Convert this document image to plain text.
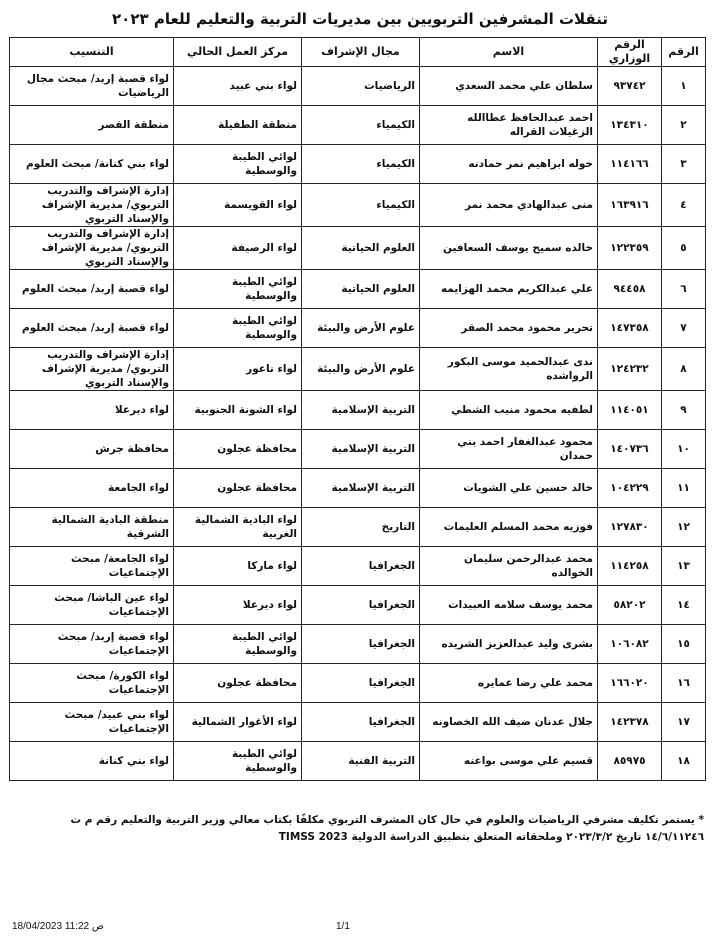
تنقلات المشرفين التربويين بين مديريات التربية والتعليم للعام ٢٠٢٣
الرقم	الرقم الوزاري	الاسم	مجال الإشراف	مركز العمل الحالي	التنسيب
١	٩٣٧٤٢	سلطان علي محمد السعدي	الرياضيات	لواء بني عبيد	لواء قصبة إربد/ مبحث مجال الرياضيات
٢	١٣٤٣١٠	احمد عبدالحافظ عطاالله الزغيلات القراله	الكيمياء	منطقة الطفيلة	منطقة القصر
٣	١١٤١٦٦	خوله ابراهيم نمر حمادنه	الكيمياء	لوائي الطيبة والوسطية	لواء بني كنانة/ مبحث العلوم
٤	١٦٣٩١٦	منى عبدالهادي محمد نمر	الكيمياء	لواء القويسمة	إدارة الإشراف والتدريب التربوي/ مديرية الإشراف والإسناد التربوي
٥	١٢٢٣٥٩	خالده سميح يوسف السعافين	العلوم الحياتية	لواء الرصيفة	إدارة الإشراف والتدريب التربوي/ مديرية الإشراف والإسناد التربوي
٦	٩٤٤٥٨	علي عبدالكريم محمد الهزايمه	العلوم الحياتية	لوائي الطيبة والوسطية	لواء قصبة إربد/ مبحث العلوم
٧	١٤٧٣٥٨	تحرير محمود محمد الصقر	علوم الأرض والبيئة	لوائي الطيبة والوسطية	لواء قصبة إربد/ مبحث العلوم
٨	١٢٤٢٣٢	ندى عبدالحميد موسى البكور الرواشده	علوم الأرض والبيئة	لواء ناعور	إدارة الإشراف والتدريب التربوي/ مديرية الإشراف والإسناد التربوي
٩	١١٤٠٥١	لطفيه محمود منيب الشطي	التربية الإسلامية	لواء الشونة الجنوبية	لواء ديرعلا
١٠	١٤٠٧٣٦	محمود عبدالغفار احمد بني حمدان	التربية الإسلامية	محافظة عجلون	محافظة جرش
١١	١٠٤٢٢٩	خالد حسين علي الشويات	التربية الإسلامية	محافظة عجلون	لواء الجامعة
١٢	١٢٧٨٣٠	فوزيه محمد المسلم العليمات	التاريخ	لواء البادية الشمالية الغربية	منطقة البادية الشمالية الشرقية
١٣	١١٤٢٥٨	محمد عبدالرحمن سليمان الخوالده	الجغرافيا	لواء ماركا	لواء الجامعة/ مبحث الإجتماعيات
١٤	٥٨٢٠٢	محمد يوسف سلامه العبيدات	الجغرافيا	لواء ديرعلا	لواء عين الباشا/ مبحث الإجتماعيات
١٥	١٠٦٠٨٢	بشرى وليد عبدالعزيز الشريده	الجغرافيا	لوائي الطيبة والوسطية	لواء قصبة إربد/ مبحث الإجتماعيات
١٦	١٦٦٠٢٠	محمد علي رضا عمايره	الجغرافيا	محافظة عجلون	لواء الكورة/ مبحث الإجتماعيات
١٧	١٤٢٣٧٨	جلال عدنان ضيف الله الخصاونه	الجغرافيا	لواء الأغوار الشمالية	لواء بني عبيد/ مبحث الإجتماعيات
١٨	٨٥٩٧٥	قسيم علي موسى بواعنه	التربية الفنية	لوائي الطيبة والوسطية	لواء بني كنانة
* يستمر تكليف مشرفي الرياضيات والعلوم في حال كان المشرف التربوي مكلفًا بكتاب معالي وزير التربية والتعليم رقم م ت ١٤/٦/١١٢٤٦ تاريخ ٢٠٢٣/٣/٢ وملحقاته المتعلق بتطبيق الدراسة الدولية TIMSS 2023
18/04/2023 11:22 ص	1/1
